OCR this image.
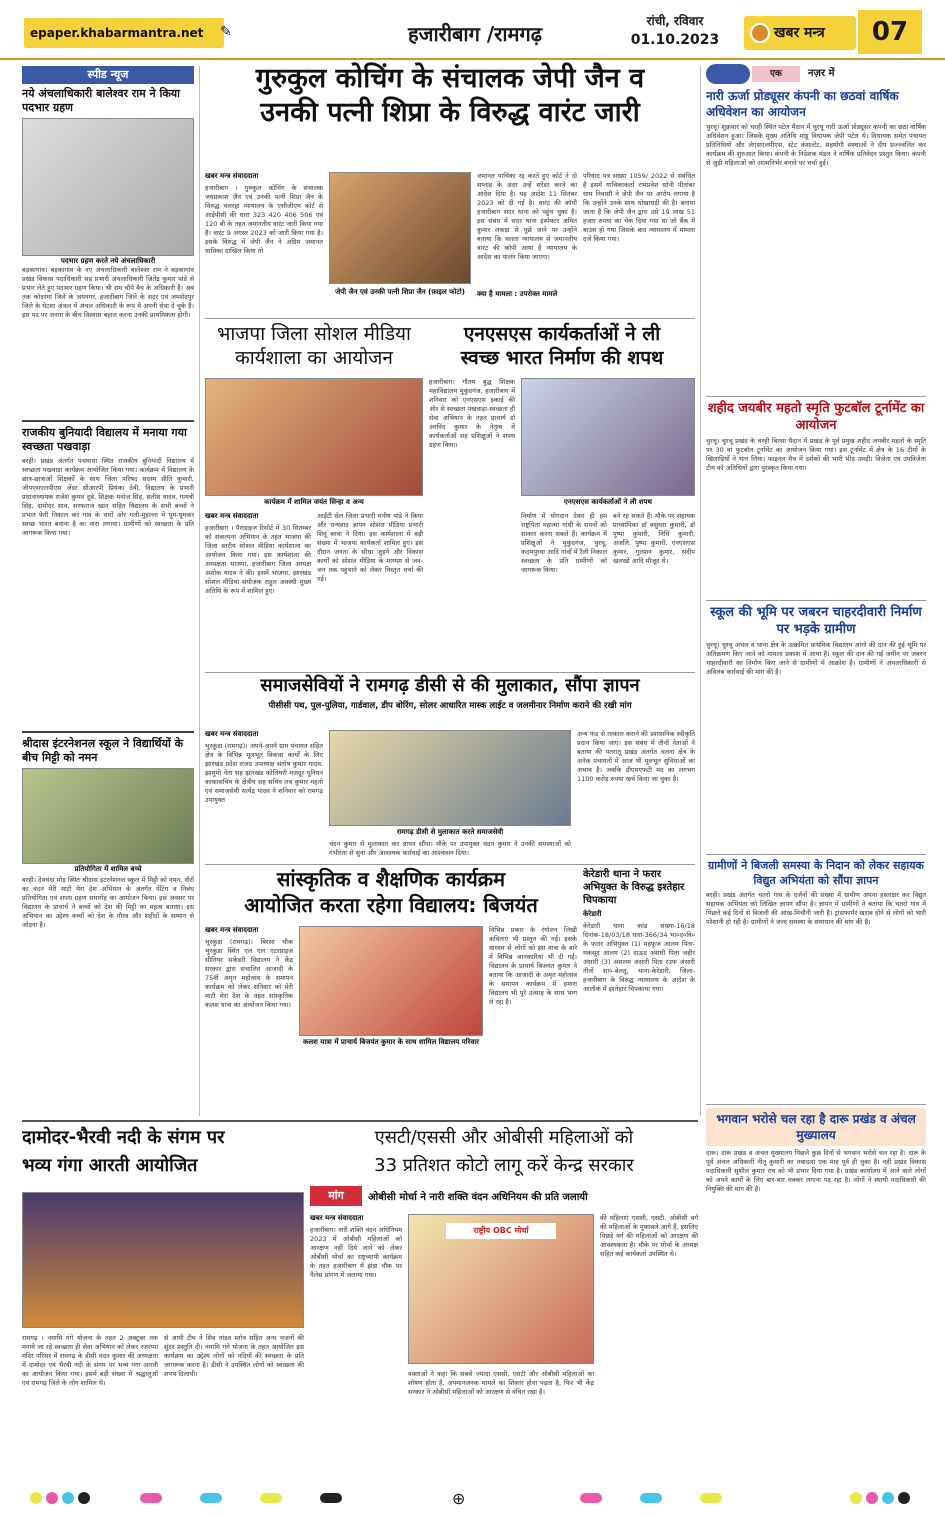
epaper.khabarmantra.net	✎	हजारीबाग /रामगढ़
रांची, रविवार
01.10.2023	खबर मन्त्र	07
स्पीड न्यूज
नये अंचलाधिकारी बालेश्वर राम ने किया पदभार ग्रहण
पदभार ग्रहण करते नये अंचलाधिकारी
बड़कागांव। बड़कागांव के नए अंचलाधिकारी बालेश्वर राम ने बड़कागांव प्रखंड विकास पदाधिकारी सह प्रभारी अंचलाधिकारी जितेंद्र कुमार पांडे से प्रभार लेते हुए पदभार ग्रहण किया। श्री राम चौपे बैच के अधिकारी हैं। अब तक कोडरमा जिले के जयनगर, हजारीबाग जिले के सदर एवं जमशेदपुर जिले के घेटशा अंचल में अंचल अधिकारी के रूप में अपनी सेवा दे चुके हैं। इस पद पर जनता के बीच विश्वास बहाल करना उनकी प्राथमिकता होगी।
राजकीय बुनियादी विद्यालय में मनाया गया स्वच्छता पखवाड़ा
बरही। प्रखंड अंतर्गत पंचमाधा स्थित राजकीय बुनियादी विद्यालय में स्वच्छता पखवाड़ा कार्यक्रम आयोजित किया गया। कार्यक्रम में विद्यालय के छात्र-छात्राओं शिक्षकों के साथ जिला परिषद सदस्य प्रीति कुमारी, जीपएसएलपीएस जेंडर सीआरपी प्रियंका देवी, विद्यालय के प्रभारी प्रधानाध्यापक राजेश कुमार दुबे, शिक्षक मनोज सिंह, सतीश यादव, गायत्री सिंह, दामोदर साव, सरफराज खान सहित विद्यालय के सभी बच्चों ने प्रभात फेरी निकाल कर गांव के चारों ओर गली-मुहल्ला में घूम-घूमकर स्वच्छ भारत बनाना है का नारा लगाया। ग्रामीणों को स्वच्छता के प्रति जागरूक किया गया।
श्रीदास इंटरनेशनल स्कूल ने विद्यार्थियों के बीच मिट्टी को नमन
प्रतियोगिता में शामिल बच्चे
बरही। देवचंदा मोड़ स्थित श्रीदास इंटरनेशनल स्कूल में मिट्टी को नमन, वीरों का वंदन मेरी माटी मेरा देश अभियान के अंतर्गत पेंटिंग व निबंध प्रतियोगिता एवं शपथ ग्रहण समारोह का आयोजन किया। इस अवसर पर विद्यालय के प्राचार्य ने बच्चों को देश की मिट्टी का महत्व बताया। इस अभियान का उद्देश्य बच्चों को देश के गौरव और शहीदों के सम्मान से जोड़ना है।
गुरुकुल कोचिंग के संचालक जेपी जैन व
उनकी पत्नी शिप्रा के विरुद्ध वारंट जारी
खबर मन्त्र संवाददाता
हजारीबाग । गुरुकुल कोचिंग के संचालक जयप्रकाश जैन एवं उनकी पत्नी शिप्रा जैन के विरुद्ध चलरहा न्यायालय के एसीजीएम कोर्ट से आईपीसी की धारा 323 420 406 506 एवं 120 बी के तहत जमानतीय वारंट जारी किया गया है। वारंट 9 अगस्त 2023 को जारी किया गया है। इसके विरुद्ध में जेपी जैन ने अग्रिम जमानत याचिका दाखिल किया तो
जेपी जैन एवं उनकी पत्नी शिप्रा जैन (फ़ाइल फोटो)
जमानत याचिका रद्द करते हुए कोर्ट ने दो सप्ताह के अंदर उन्हें सरेंडर करने का आदेश दिया है। यह आदेश 11 सितंबर 2023 को दी गई है। वारंट की कॉपी हजारीबाग सदर थाना को पहुंच चुका है। इस संबंध में सदर थाना इंस्पेक्टर अमित कुमार लकड़ा से पूछे जाने पर उन्होंने बताया कि चलता न्यायालय से जमानतीय वारंट की कॉपी आया है न्यायालय के आदेश का पालन किया जाएगा।
क्या है मामला : उपरोक्त मामले
परिवाद पत्र संख्या 1059/ 2022 से संबंधित है इसमें याचिकाकर्ता रामप्रवेश सोनी पीतांबर धाम निवासी ने जेपी जैन पर आरोप लगाया है कि उन्होंने उनके साथ धोखाधड़ी की है। बताया जाता है कि जेपी जैन द्वारा उसे 19 लाख 51 हजार रुपया का चेक दिया गया था जो बैंक में बाउंस हो गया जिसके बाद न्यायालय में मामला दर्ज किया गया।
भाजपा जिला सोशल मीडिया कार्यशाला का आयोजन
कार्यक्रम में शामिल जयंत सिन्हा व अन्य
खबर मन्त्र संवाददाता
हजारीबाग । पैराडाइज रिसोर्ट में 30 सितम्बर को संकल्पना अभियान के तहत भाजपा की जिला स्तरीय सोशल मीडिया कार्यशाला का आयोजन किया गया। इस कार्यशाला की अध्यक्षता भाजपा, हजारीबाग जिला अध्यक्ष अशोक यादव ने की। इसमें भाजपा, झारखंड सोशल मीडिया संयोजक राहुल अवस्थी मुख्य अतिथि के रूप में शामिल हुए।
आईटी सेल जिला प्रभारी मनीष पांडे ने किया और धन्यवाद ज्ञापन सोशल मीडिया प्रभारी शिवू बरवा ने दिया। इस कार्यशाला में बड़ी संख्या में भाजपा कार्यकर्ता शामिल हुए। इस दौरान जनता के सीधा जुड़ने और विकास कार्यों को सोशल मीडिया के माध्यम से जन-जन तक पहुंचाने को लेकर विस्तृत चर्चा की गई।
एनएसएस कार्यकर्ताओं ने ली
स्वच्छ भारत निर्माण की शपथ
हजारीबाग। गौतम बुद्ध शिक्षक महाविद्यालय मुकुंदगंज, हजारीबाग में शनिवार को एनएसएस इकाई की ओर से स्वच्छता पखवाड़ा-स्वच्छता ही सेवा अभियान के तहत प्राचार्य डॉ अरविंद कुमार के नेतृत्व में कार्यकर्ताओं सह प्रशिक्षुओं ने शपथ ग्रहण किया।
एनएसएस कार्यकर्ताओं ने ली शपथ
निर्माण में योगदान देकर ही हम राष्ट्रपिता महात्मा गांधी के सपनों को साकार करना सकते हैं। कार्यक्रम में प्रशिक्षुओं ने मुकुंदगंज, चुरचू, कदमपुरवा आदि गांवों में रैली निकाल स्वच्छता के प्रति ग्रामीणों को जागरूक किया।
बने रह सकते हैं। मौके पर सहायक प्राध्यापिका डॉ बसुंधरा कुमारी, डॉ पुष्पा कुमारी, निधि कुमारी, अंजलि, पुष्पा कुमारी, एनएसएस कुमार, गुलशन कुमार, संदीप खलखो आदि मौजूद थे।
समाजसेवियों ने रामगढ़ डीसी से की मुलाकात, सौंपा ज्ञापन
पीसीसी पथ, पुल-पुलिया, गार्डवाल, डीप बोरिंग, सोलर आधारित मास्क लाईट व जलमीनार निर्माण कराने की रखी मांग
खबर मन्त्र संवाददाता
भुरकुंडा (रामगढ़)। अपने-अपने ग्राम पंचायत सहित क्षेत्र के विभिन्न मूलभूत विकास कार्यों के लिए झारखंड प्रदेश राजद उपाध्यक्ष संतोष कुमार यादव, झामुमो नेता सह झारखंड कोलियरी मजदूर यूनियन काकासचिव के क्षेत्रीय सह सचिव लव कुमार महतो एवं समाजसेवी सत्येंद्र यादव ने शनिवार को रामगढ़ उपायुक्त
रामगढ़ डीसी से मुलाकात करते समाजसेवी
चंदन कुमार से मुलाकात कर ज्ञापन सौंपा। मौके पर उपायुक्त चंदन कुमार ने उनकी समस्याओं को गंभीरता से सुना और आवश्यक कार्रवाई का आश्वासन दिया।
अन्य फंड से तत्काल कराने की प्रशासनिक स्वीकृति प्रदान किया जाए। इस संबंध में तीनों नेताओं ने बताया की पतरातू प्रखंड अंतर्गत चलना क्षेत्र के अनेक पंचायतों में आज भी मूलभूत सुविधाओं का अभाव है। जबकि डीएमएफटी मद का लगभग 1100 करोड़ रुपया खर्च किया जा चुका है।
सांस्कृतिक व शैक्षणिक कार्यक्रम
आयोजित करता रहेगा विद्यालय: बिजयंत
खबर मन्त्र संवाददाता
भुरकुंडा (रामगढ़)। बिरसा चौक भुरकुंडा स्थित एल एल एंटरप्राइज सीनियर सकेंडरी विद्यालय ने केंद्र सरकार द्वारा संचालित आजादी के 75वीं अमृत महोत्सव के समापन कार्यक्रम को लेकर शनिवार को मेरी माटी मेरा देश के तहत सांस्कृतिक कलश यात्रा का आयोजन किया गया।
कलश यात्रा में प्राचार्य बिजयंत कुमार के साथ शामिल विद्यालय परिवार
विभिन्न प्रकार के रंगोलन लिखी कविताएं भी प्रस्तुत की गईं। इसके माध्यम से लोगों को इस यात्रा के बारे में विभिन्न जानकारियां भी दी गईं। विद्यालय के प्राचार्य बिजयंत कुमार ने बताया कि आजादी के अमृत महोत्सव के समापन कार्यक्रम में हमारा विद्यालय भी पूरे उत्साह के साथ भाग ले रहा है।
केरेडारी थाना ने फरार अभियुक्त के विरुद्ध इश्तेहार चिपकाया
केरेडारी
केरेडारी थाना कांड संख्या-16/18 दिनांक-18/03/18 धारा-366/34 भा०द०वि० के फरार अभियुक्त (1) महफूज आलम पिता-मकसूद आलम (2) दाऊद अंसारी पिता जहीर अंसारी (3) असलम अंसारी पिता रउफ अंसारी तीनों सा०-बेलतू, थाना-केरेडारी, जिला-हजारीबाग के विरुद्ध न्यायालय के आदेश के आलोक में इश्तेहार चिपकाया गया।
एक	नज़र में
नारी ऊर्जा प्रोड्यूसर कंपनी का छठवां वार्षिक अधिवेशन का आयोजन
चुरचू। शुक्रवार को चरही स्थित पटेल मैदान में चुरचू नारी ऊर्जा प्रोड्यूसर कंपनी का छठा वार्षिक अधिवेशन हुआ। जिसके मुख्य अतिथि मांडू विधायक जेपी पटेल थे। विधायक समेत पंचायत प्रतिनिधियों और जेएसएलपीएस, स्टेट कंसल्टेंट, सहयोगी संस्थाओं ने दीप प्रज्ज्वलित कर कार्यक्रम की शुरुआत किया। कंपनी के निदेशक मंडल ने वार्षिक प्रतिवेदन प्रस्तुत किया। कंपनी से जुड़ी महिलाओं को आत्मनिर्भर बनाने पर चर्चा हुई।
शहीद जयबीर महतो स्मृति फुटबॉल टूर्नामेंट का आयोजन
चुरचू। चुरचू प्रखंड के चरही बिरसा मैदान में प्रखंड के पूर्व प्रमुख शहीद जयबीर महतो के स्मृति पर 30 वां फुटबॉल टूर्नामेंट का आयोजन किया गया। इस टूर्नामेंट में क्षेत्र के 16 टीमों के खिलाड़ियों ने भाग लिया। फाइनल मैच में दर्शकों की भारी भीड़ उमड़ी। विजेता एवं उपविजेता टीम को अतिथियों द्वारा पुरस्कृत किया गया।
स्कूल की भूमि पर जबरन चाहरदीवारी निर्माण पर भड़के ग्रामीण
चुरचू। चुरचू अंचल व थाना क्षेत्र के उत्क्रमित प्राथमिक विद्यालय आंगो की दान की हुई भूमि पर अतिक्रमण किए जाने को मामला प्रकाश में आया है। स्कूल की दान की गई जमीन पर जबरन चाहरदीवारी का निर्माण किए जाने से ग्रामीणों में आक्रोश है। ग्रामीणों ने अंचलाधिकारी से अविलंब कार्रवाई की मांग की है।
ग्रामीणों ने बिजली समस्या के निदान को लेकर सहायक विद्युत अभियंता को सौंपा ज्ञापन
बरही। प्रखंड अंतर्गत चतरो गांव के दर्जनों की संख्या में ग्रामीण अपना हस्ताक्षर कर विद्युत सहायक अभियंता को लिखित ज्ञापन सौंपा है। ज्ञापन में ग्रामीणों ने बताया कि चतरो गांव में पिछले कई दिनों से बिजली की आंख-मिचौनी जारी है। ट्रांसफार्मर खराब होने से लोगों को भारी परेशानी हो रही है। ग्रामीणों ने जल्द समस्या के समाधान की मांग की है।
भगवान भरोसे चल रहा है दारू प्रखंड व अंचल मुख्यालय
दारू। दारू प्रखंड व अंचल मुख्यालय पिछले कुछ दिनों से भगवान भरोसे चल रहा है। दारू के पूर्व अंचल अधिकारी नीतू कुमारी का तबादला एक माह पूर्व ही चुका है। वहीं प्रखंड विकास पदाधिकारी सुशील कुमार राय को भी प्रभार दिया गया है। प्रखंड कार्यालय में आने वाले लोगों को अपने कार्यों के लिए बार-बार चक्कर लगाना पड़ रहा है। लोगों ने स्थायी पदाधिकारी की नियुक्ति की मांग की है।
दामोदर-भैरवी नदी के संगम पर
भव्य गंगा आरती आयोजित
रामगढ़ । नमामि गंगे योजना के तहत 2 अक्टूबर तक मनाये जा रहे स्वच्छता ही सेवा अभियान को लेकर रजरप्पा मंदिर परिसर में रामगढ़ के डीसी चंदन कुमार की अध्यक्षता में दामोदर एवं भैरवी नदी के संगम पर भव्य गंगा आरती का आयोजन किया गया। इसमें बड़ी संख्या में श्रद्धालुओं एवं रामगढ़ जिले के लोग शामिल थे।
से आयी टीम ने शिव तांडव स्तोत्र सहित अन्य भजनों की सुंदर प्रस्तुति दी। नमामि गंगे योजना के तहत आयोजित इस कार्यक्रम का उद्देश्य लोगों को नदियों की स्वच्छता के प्रति जागरूक करना है। डीसी ने उपस्थित लोगों को स्वच्छता की शपथ दिलायी।
एसटी/एससी और ओबीसी महिलाओं को
33 प्रतिशत कोटो लागू करें केन्द्र सरकार
मांग	ओबीसी मोर्चा ने नारी शक्ति वंदन अधिनियम की प्रति जलायी
खबर मन्त्र संवाददाता
हजारीबाग। नारी शक्ति वंदन अधिनियम 2023 में ओबीसी महिलाओं को आरक्षण नहीं दिये जाने को लेकर ओबीसी मोर्चा का राष्ट्रव्यापी कार्यक्रम के तहत हजारीबाग में झंडा चौक पर पैलेस प्रांगण में जलाया गया।
राष्ट्रीय OBC मोर्चा
वक्ताओं ने कहा कि सबसे ज्यादा एससी, एसटी और ओबीसी महिलाओं का शोषण होता है, अपमानजनक मामले का शिकार होना पड़ता है, फिर भी केंद्र सरकार ने ओबीसी महिलाओं को आरक्षण से वंचित रखा है।
की महिलाएं एससी, एसटी, ओबीसी वर्ग की महिलाओं के मुकाबले आगे हैं, इसलिए पिछड़े वर्ग की महिलाओं को आरक्षण की आवश्यकता है। मौके पर मोर्चा के अध्यक्ष सहित कई कार्यकर्ता उपस्थित थे।
⊕
